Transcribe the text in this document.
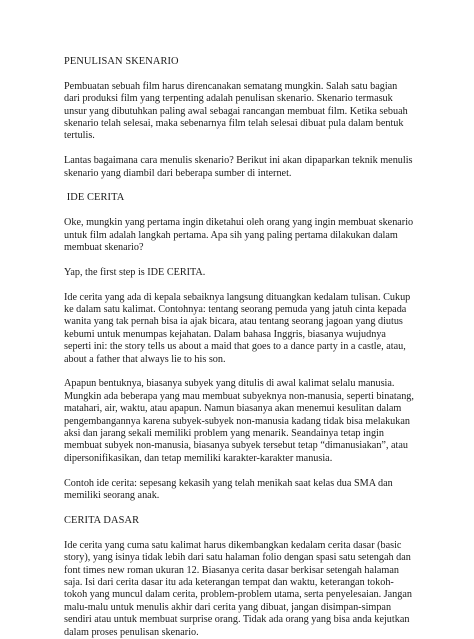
PENULISAN SKENARIO

Pembuatan sebuah film harus direncanakan sematang mungkin. Salah satu bagian dari produksi film yang terpenting adalah penulisan skenario. Skenario termasuk unsur yang dibutuhkan paling awal sebagai rancangan membuat film. Ketika sebuah skenario telah selesai, maka sebenarnya film telah selesai dibuat pula dalam bentuk tertulis.

Lantas bagaimana cara menulis skenario? Berikut ini akan dipaparkan teknik menulis skenario yang diambil dari beberapa sumber di internet.

IDE CERITA

Oke, mungkin yang pertama ingin diketahui oleh orang yang ingin membuat skenario untuk film adalah langkah pertama. Apa sih yang paling pertama dilakukan dalam membuat skenario?

Yap, the first step is IDE CERITA.

Ide cerita yang ada di kepala sebaiknya langsung dituangkan kedalam tulisan. Cukup ke dalam satu kalimat. Contohnya: tentang seorang pemuda yang jatuh cinta kepada wanita yang tak pernah bisa ia ajak bicara, atau tentang seorang jagoan yang diutus kebumi untuk menumpas kejahatan. Dalam bahasa Inggris, biasanya wujudnya seperti ini: the story tells us about a maid that goes to a dance party in a castle, atau, about a father that always lie to his son.

Apapun bentuknya, biasanya subyek yang ditulis di awal kalimat selalu manusia. Mungkin ada beberapa yang mau membuat subyeknya non-manusia, seperti binatang, matahari, air, waktu, atau apapun. Namun biasanya akan menemui kesulitan dalam pengembangannya karena subyek-subyek non-manusia kadang tidak bisa melakukan aksi dan jarang sekali memiliki problem yang menarik. Seandainya tetap ingin membuat subyek non-manusia, biasanya subyek tersebut tetap “dimanusiakan”, atau dipersonifikasikan, dan tetap memiliki karakter-karakter manusia.

Contoh ide cerita: sepesang kekasih yang telah menikah saat kelas dua SMA dan memiliki seorang anak.

CERITA DASAR

Ide cerita yang cuma satu kalimat harus dikembangkan kedalam cerita dasar (basic story), yang isinya tidak lebih dari satu halaman folio dengan spasi satu setengah dan font times new roman ukuran 12. Biasanya cerita dasar berkisar setengah halaman saja. Isi dari cerita dasar itu ada keterangan tempat dan waktu, keterangan tokoh-tokoh yang muncul dalam cerita, problem-problem utama, serta penyelesaian. Jangan malu-malu untuk menulis akhir dari cerita yang dibuat, jangan disimpan-simpan sendiri atau untuk membuat surprise orang. Tidak ada orang yang bisa anda kejutkan dalam proses penulisan skenario.
